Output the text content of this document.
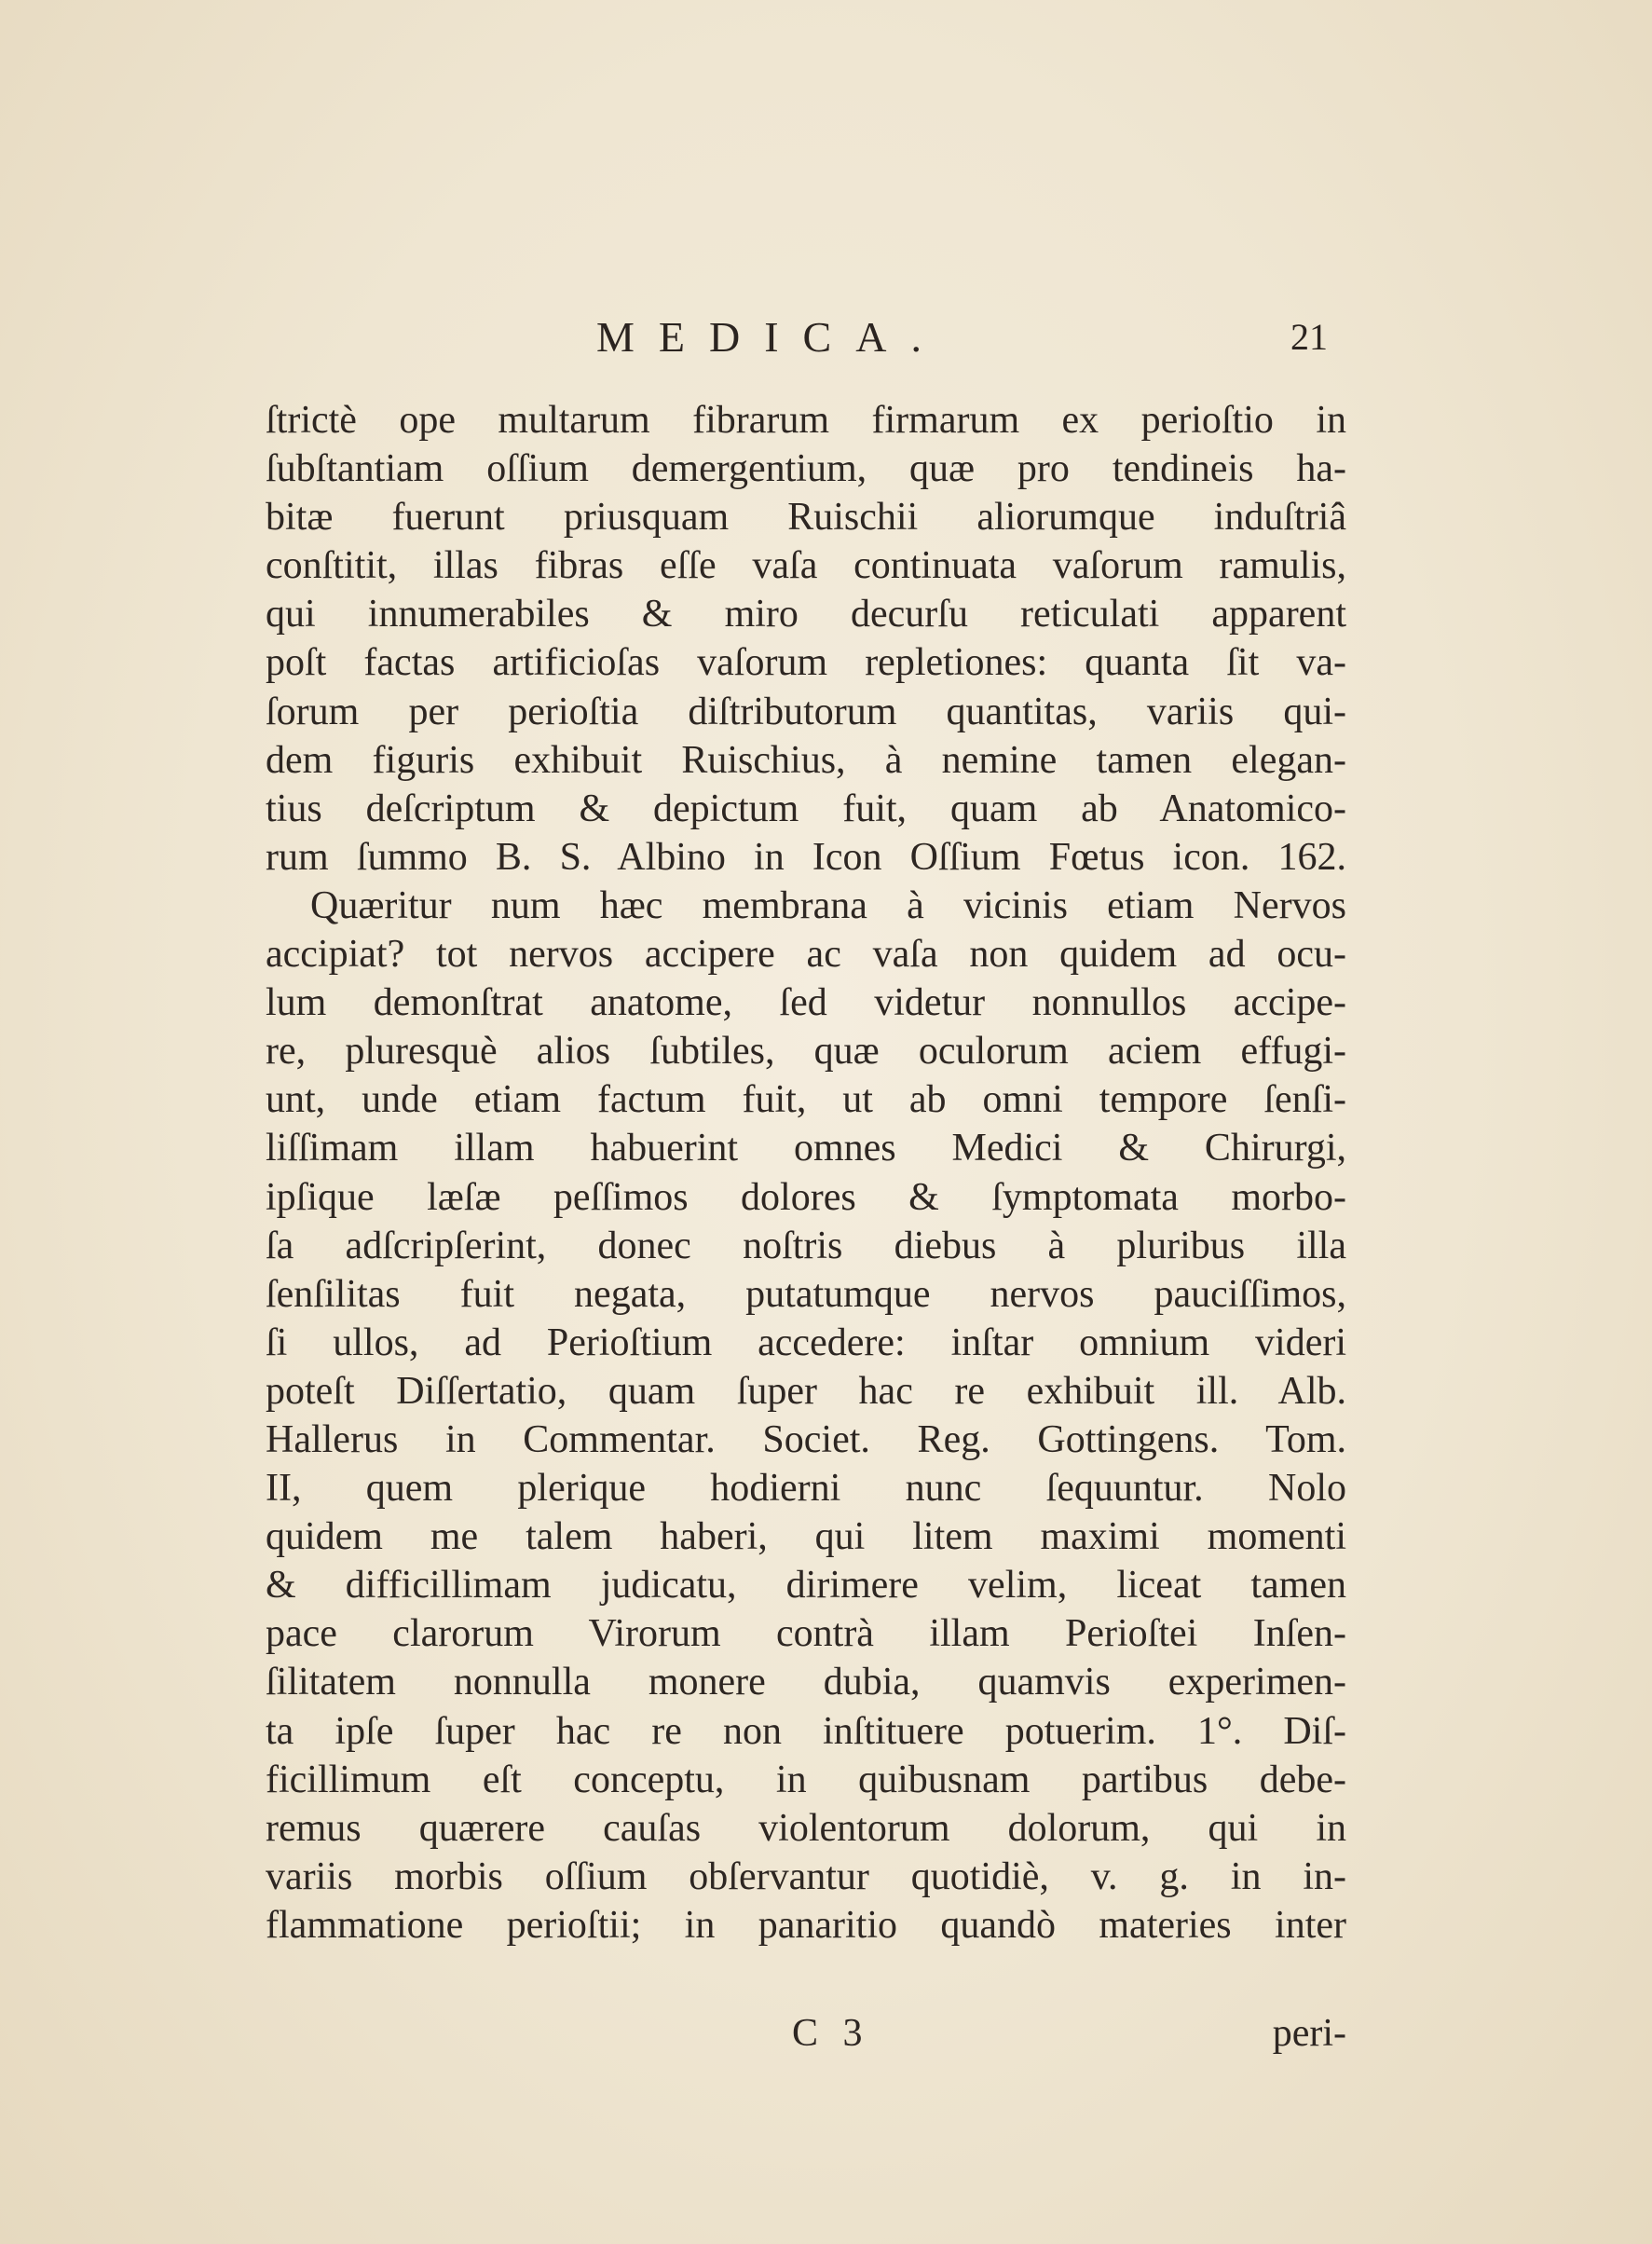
MEDICA.	21
ſtrictè ope multarum fibrarum firmarum ex perioſtio in
ſubſtantiam oſſium demergentium, quæ pro tendineis ha-
bitæ fuerunt priusquam Ruischii aliorumque induſtriâ
conſtitit, illas fibras eſſe vaſa continuata vaſorum ramulis,
qui innumerabiles & miro decurſu reticulati apparent
poſt factas artificioſas vaſorum repletiones: quanta ſit va-
ſorum per perioſtia diſtributorum quantitas, variis qui-
dem figuris exhibuit Ruischius, à nemine tamen elegan-
tius deſcriptum & depictum fuit, quam ab Anatomico-
rum ſummo B. S. Albino in Icon Oſſium Fœtus icon. 162.
Quæritur num hæc membrana à vicinis etiam Nervos
accipiat? tot nervos accipere ac vaſa non quidem ad ocu-
lum demonſtrat anatome, ſed videtur nonnullos accipe-
re, pluresquè alios ſubtiles, quæ oculorum aciem effugi-
unt, unde etiam factum fuit, ut ab omni tempore ſenſi-
liſſimam illam habuerint omnes Medici & Chirurgi,
ipſique læſæ peſſimos dolores & ſymptomata morbo-
ſa adſcripſerint, donec noſtris diebus à pluribus illa
ſenſilitas fuit negata, putatumque nervos pauciſſimos,
ſi ullos, ad Perioſtium accedere: inſtar omnium videri
poteſt Diſſertatio, quam ſuper hac re exhibuit ill. Alb.
Hallerus in Commentar. Societ. Reg. Gottingens. Tom.
II, quem plerique hodierni nunc ſequuntur. Nolo
quidem me talem haberi, qui litem maximi momenti
& difficillimam judicatu, dirimere velim, liceat tamen
pace clarorum Virorum contrà illam Perioſtei Inſen-
ſilitatem nonnulla monere dubia, quamvis experimen-
ta ipſe ſuper hac re non inſtituere potuerim. 1°. Diſ-
ficillimum eſt conceptu, in quibusnam partibus debe-
remus quærere cauſas violentorum dolorum, qui in
variis morbis oſſium obſervantur quotidiè, v. g. in in-
flammatione perioſtii; in panaritio quandò materies inter
C 3	peri-
